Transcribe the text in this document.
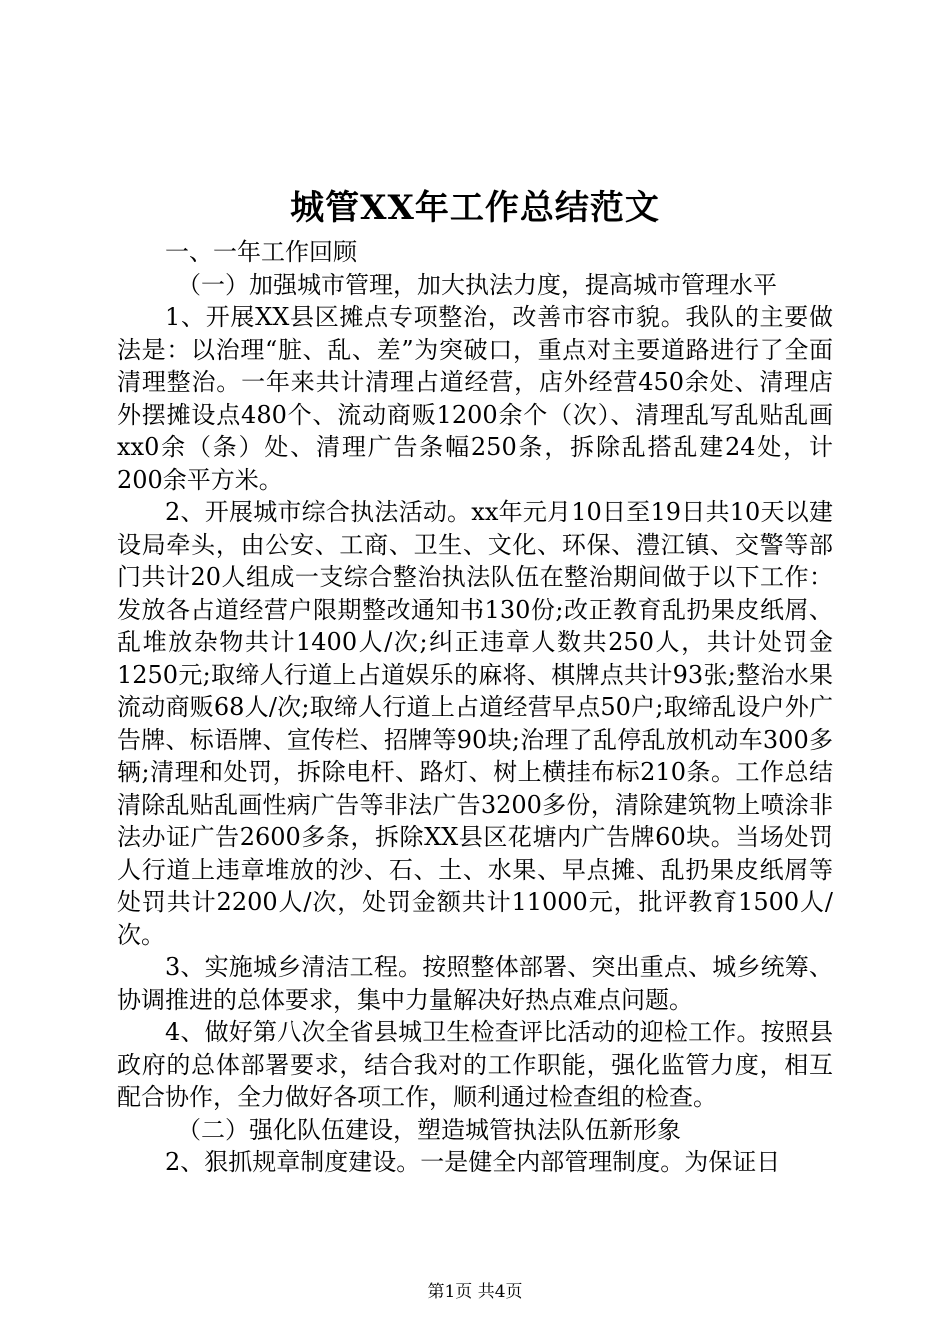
城管XX年工作总结范文

一、一年工作回顾

（一）加强城市管理，加大执法力度，提高城市管理水平

1、开展XX县区摊点专项整治，改善市容市貌。我队的主要做法是：以治理“脏、乱、差”为突破口，重点对主要道路进行了全面清理整治。一年来共计清理占道经营，店外经营450余处、清理店外摆摊设点480个、流动商贩1200余个（次）、清理乱写乱贴乱画xx0余（条）处、清理广告条幅250条，拆除乱搭乱建24处，计200余平方米。

2、开展城市综合执法活动。xx年元月10日至19日共10天以建设局牵头，由公安、工商、卫生、文化、环保、澧江镇、交警等部门共计20人组成一支综合整治执法队伍在整治期间做于以下工作：发放各占道经营户限期整改通知书130份;改正教育乱扔果皮纸屑、乱堆放杂物共计1400人/次;纠正违章人数共250人，共计处罚金1250元;取缔人行道上占道娱乐的麻将、棋牌点共计93张;整治水果流动商贩68人/次;取缔人行道上占道经营早点50户;取缔乱设户外广告牌、标语牌、宣传栏、招牌等90块;治理了乱停乱放机动车300多辆;清理和处罚，拆除电杆、路灯、树上横挂布标210条。工作总结清除乱贴乱画性病广告等非法广告3200多份，清除建筑物上喷涂非法办证广告2600多条，拆除XX县区花塘内广告牌60块。当场处罚人行道上违章堆放的沙、石、土、水果、早点摊、乱扔果皮纸屑等处罚共计2200人/次，处罚金额共计11000元，批评教育1500人/次。

3、实施城乡清洁工程。按照整体部署、突出重点、城乡统筹、协调推进的总体要求，集中力量解决好热点难点问题。

4、做好第八次全省县城卫生检查评比活动的迎检工作。按照县政府的总体部署要求，结合我对的工作职能，强化监管力度，相互配合协作，全力做好各项工作，顺利通过检查组的检查。

（二）强化队伍建设，塑造城管执法队伍新形象

2、狠抓规章制度建设。一是健全内部管理制度。为保证日

第1页 共4页
